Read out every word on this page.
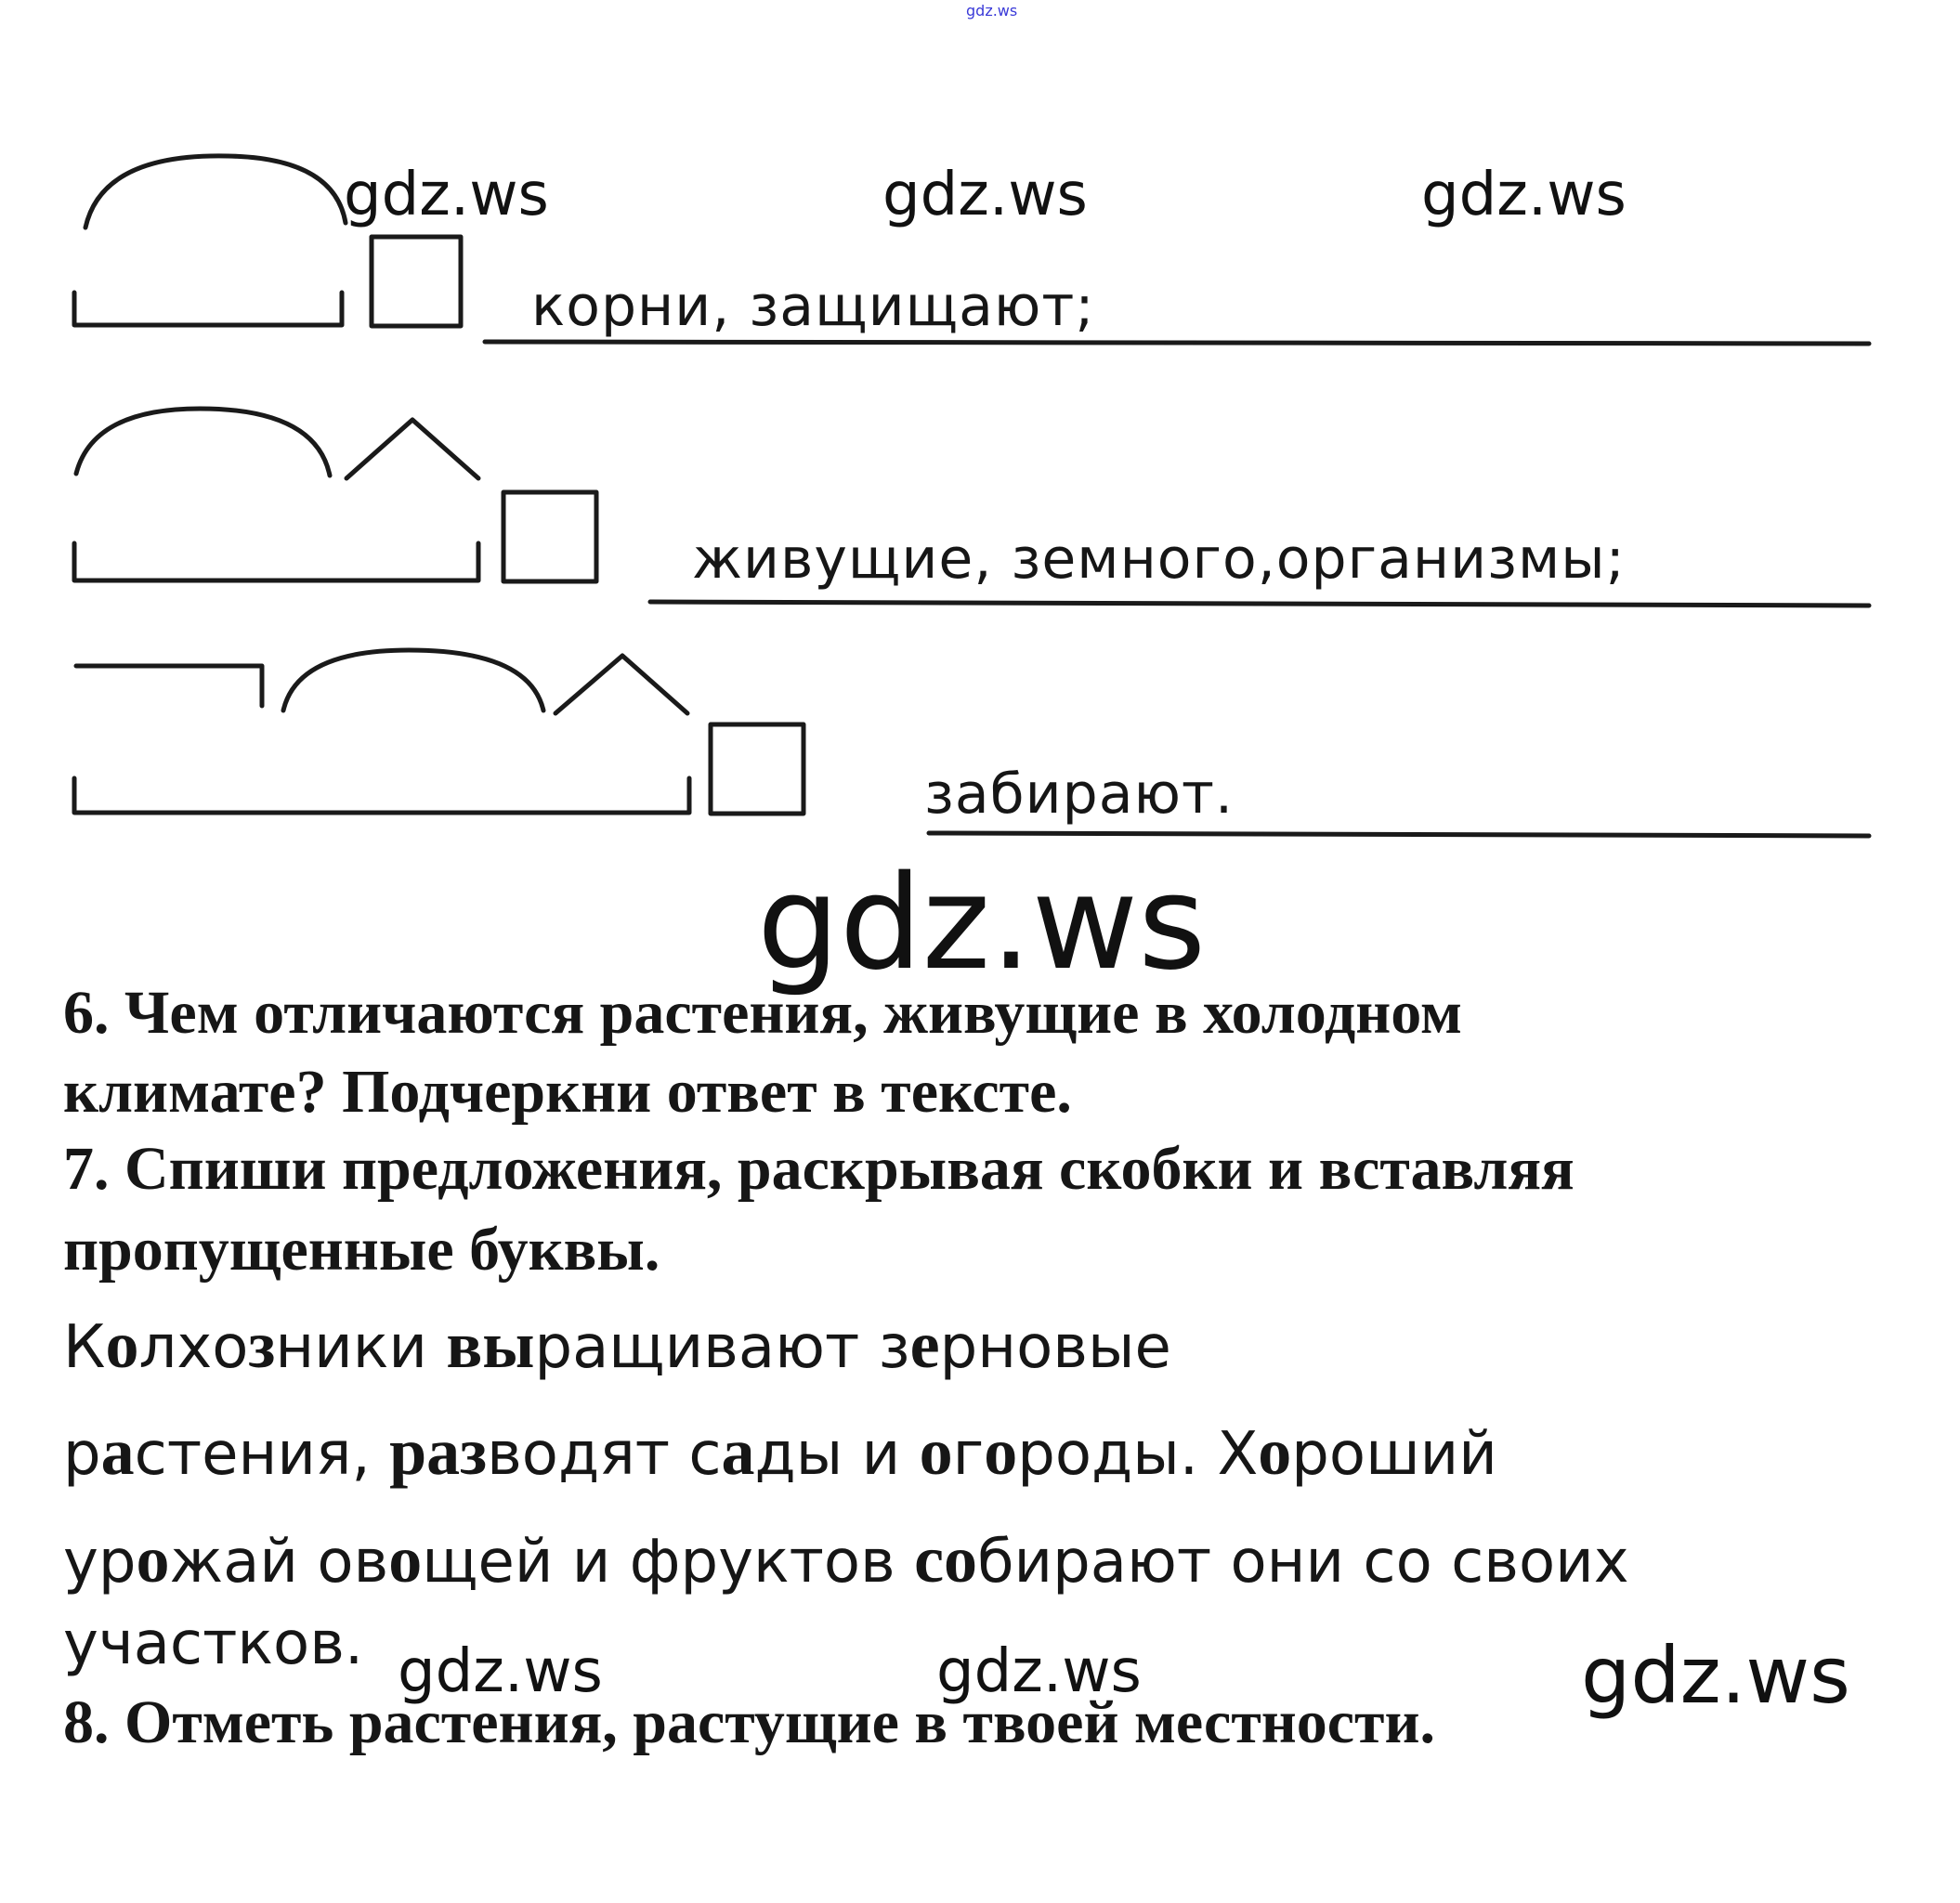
gdz.ws
gdz.ws	gdz.ws	gdz.ws
корни, защищают;
живущие, земного,организмы;
забирают.
gdz.ws
6. Чем отличаются растения, живущие в холодном
климате? Подчеркни ответ в тексте.
7. Спиши предложения, раскрывая скобки и вставляя
пропущенные буквы.
Колхозники выращивают зерновые
растения, разводят сады и огороды. Хороший
урожай овощей и фруктов собирают они со своих
участков. gdz.ws	gdz.ws	gdz.ws
8. Отметь растения, растущие в твоей местности.
